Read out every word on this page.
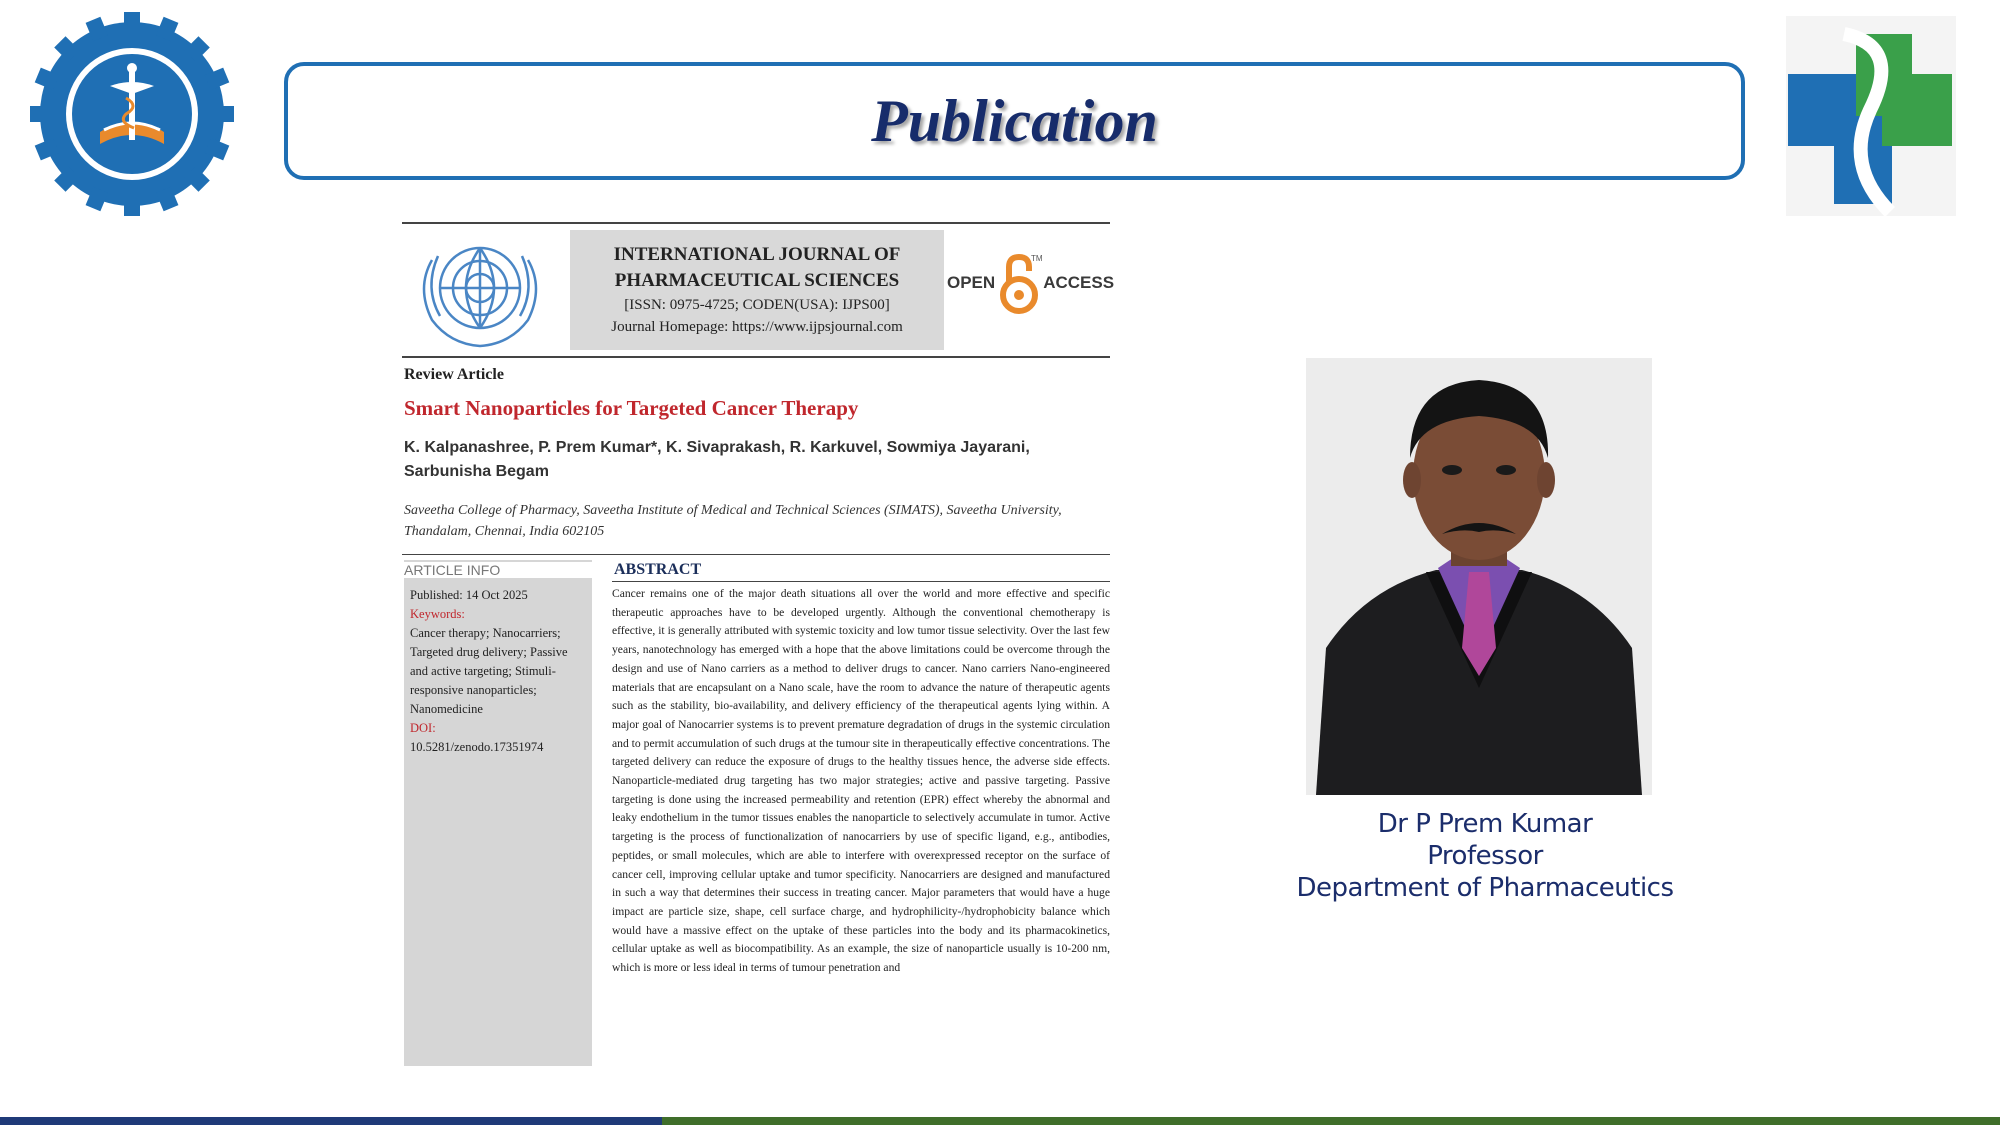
Publication
INTERNATIONAL JOURNAL OF
PHARMACEUTICAL SCIENCES
[ISSN: 0975-4725; CODEN(USA): IJPS00]
Journal Homepage: https://www.ijpsjournal.com
OPEN
TM
ACCESS
Review Article
Smart Nanoparticles for Targeted Cancer Therapy
K. Kalpanashree, P. Prem Kumar*, K. Sivaprakash, R. Karkuvel, Sowmiya Jayarani, Sarbunisha Begam
Saveetha College of Pharmacy, Saveetha Institute of Medical and Technical Sciences (SIMATS), Saveetha University, Thandalam, Chennai, India 602105
ARTICLE INFO
Published: 14 Oct 2025
Keywords:
Cancer therapy; Nanocarriers; Targeted drug delivery; Passive and active targeting; Stimuli-responsive nanoparticles; Nanomedicine
DOI:
10.5281/zenodo.17351974
ABSTRACT
Cancer remains one of the major death situations all over the world and more effective and specific therapeutic approaches have to be developed urgently. Although the conventional chemotherapy is effective, it is generally attributed with systemic toxicity and low tumor tissue selectivity. Over the last few years, nanotechnology has emerged with a hope that the above limitations could be overcome through the design and use of Nano carriers as a method to deliver drugs to cancer. Nano carriers Nano-engineered materials that are encapsulant on a Nano scale, have the room to advance the nature of therapeutic agents such as the stability, bio-availability, and delivery efficiency of the therapeutical agents lying within. A major goal of Nanocarrier systems is to prevent premature degradation of drugs in the systemic circulation and to permit accumulation of such drugs at the tumour site in therapeutically effective concentrations. The targeted delivery can reduce the exposure of drugs to the healthy tissues hence, the adverse side effects. Nanoparticle-mediated drug targeting has two major strategies; active and passive targeting. Passive targeting is done using the increased permeability and retention (EPR) effect whereby the abnormal and leaky endothelium in the tumor tissues enables the nanoparticle to selectively accumulate in tumor. Active targeting is the process of functionalization of nanocarriers by use of specific ligand, e.g., antibodies, peptides, or small molecules, which are able to interfere with overexpressed receptor on the surface of cancer cell, improving cellular uptake and tumor specificity. Nanocarriers are designed and manufactured in such a way that determines their success in treating cancer. Major parameters that would have a huge impact are particle size, shape, cell surface charge, and hydrophilicity-/hydrophobicity balance which would have a massive effect on the uptake of these particles into the body and its pharmacokinetics, cellular uptake as well as biocompatibility. As an example, the size of nanoparticle usually is 10-200 nm, which is more or less ideal in terms of tumour penetration and
Dr P Prem Kumar
Professor
Department of Pharmaceutics
